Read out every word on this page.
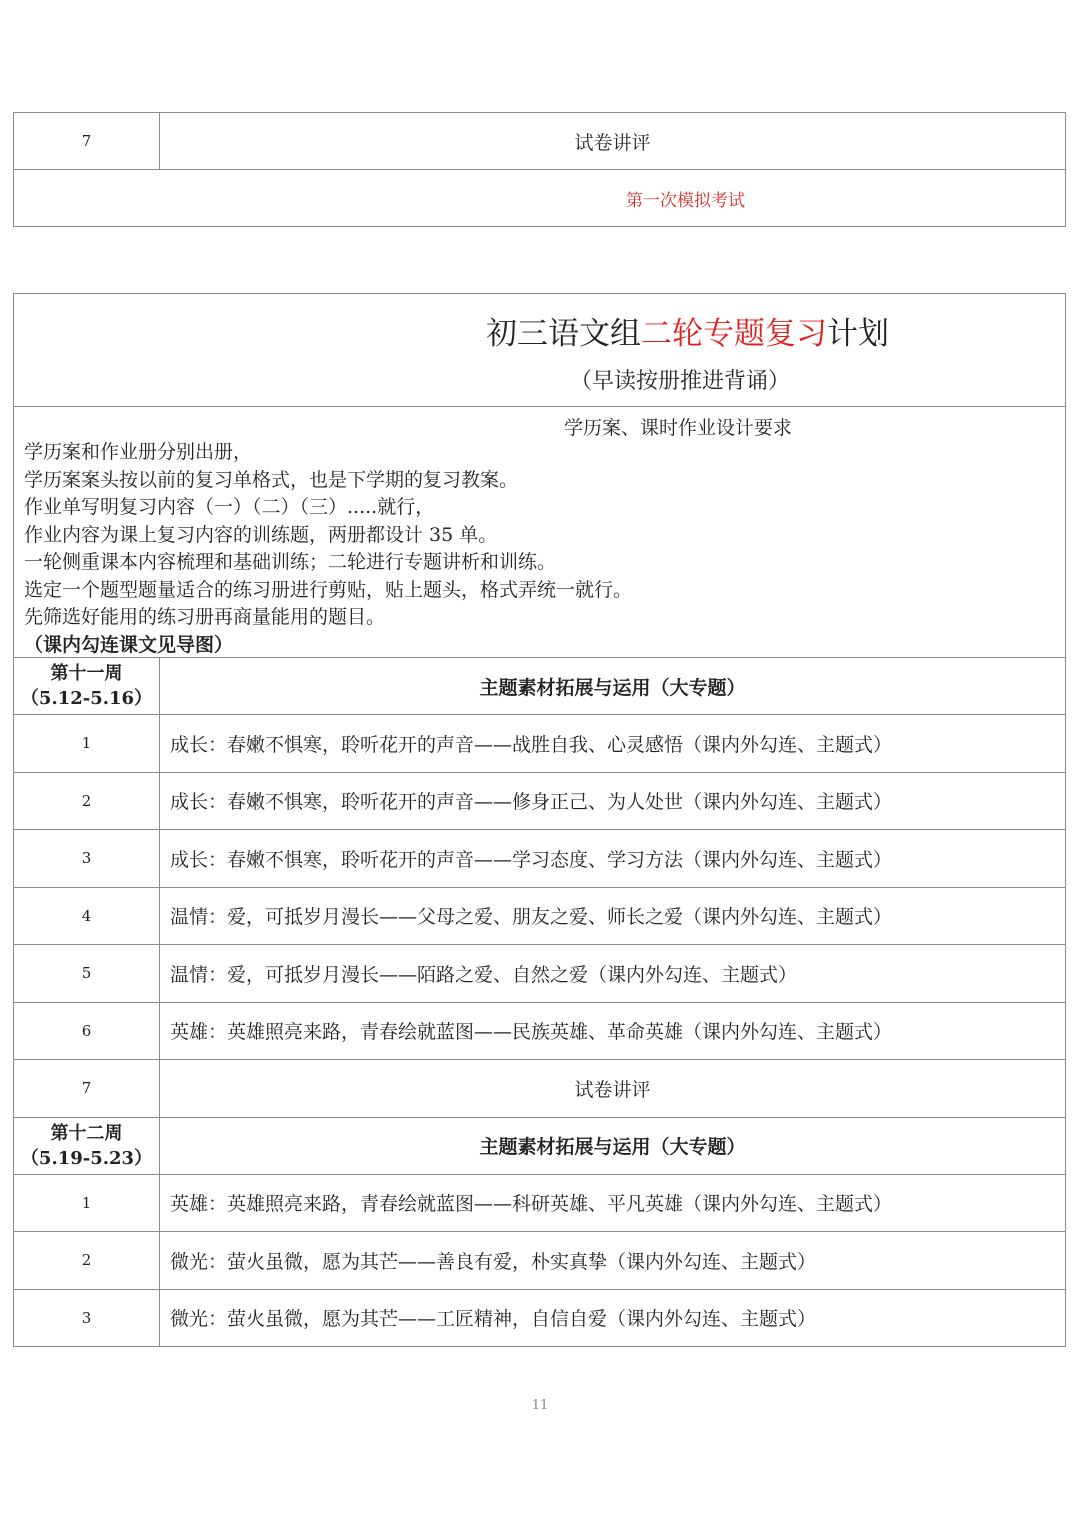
7	试卷讲评
第一次模拟考试
初三语文组二轮专题复习计划
（早读按册推进背诵）
学历案、课时作业设计要求
学历案和作业册分别出册，
学历案案头按以前的复习单格式，也是下学期的复习教案。
作业单写明复习内容（一）（二）（三）.....就行，
作业内容为课上复习内容的训练题，两册都设计 35 单。
一轮侧重课本内容梳理和基础训练；二轮进行专题讲析和训练。
选定一个题型题量适合的练习册进行剪贴，贴上题头，格式弄统一就行。
先筛选好能用的练习册再商量能用的题目。
（课内勾连课文见导图）
第十一周
（5.12-5.16）	主题素材拓展与运用（大专题）
1	成长：春嫩不惧寒，聆听花开的声音——战胜自我、心灵感悟（课内外勾连、主题式）
2	成长：春嫩不惧寒，聆听花开的声音——修身正己、为人处世（课内外勾连、主题式）
3	成长：春嫩不惧寒，聆听花开的声音——学习态度、学习方法（课内外勾连、主题式）
4	温情：爱，可抵岁月漫长——父母之爱、朋友之爱、师长之爱（课内外勾连、主题式）
5	温情：爱，可抵岁月漫长——陌路之爱、自然之爱（课内外勾连、主题式）
6	英雄：英雄照亮来路，青春绘就蓝图——民族英雄、革命英雄（课内外勾连、主题式）
7	试卷讲评
第十二周
（5.19-5.23）	主题素材拓展与运用（大专题）
1	英雄：英雄照亮来路，青春绘就蓝图——科研英雄、平凡英雄（课内外勾连、主题式）
2	微光：萤火虽微，愿为其芒——善良有爱，朴实真挚（课内外勾连、主题式）
3	微光：萤火虽微，愿为其芒——工匠精神，自信自爱（课内外勾连、主题式）
11
